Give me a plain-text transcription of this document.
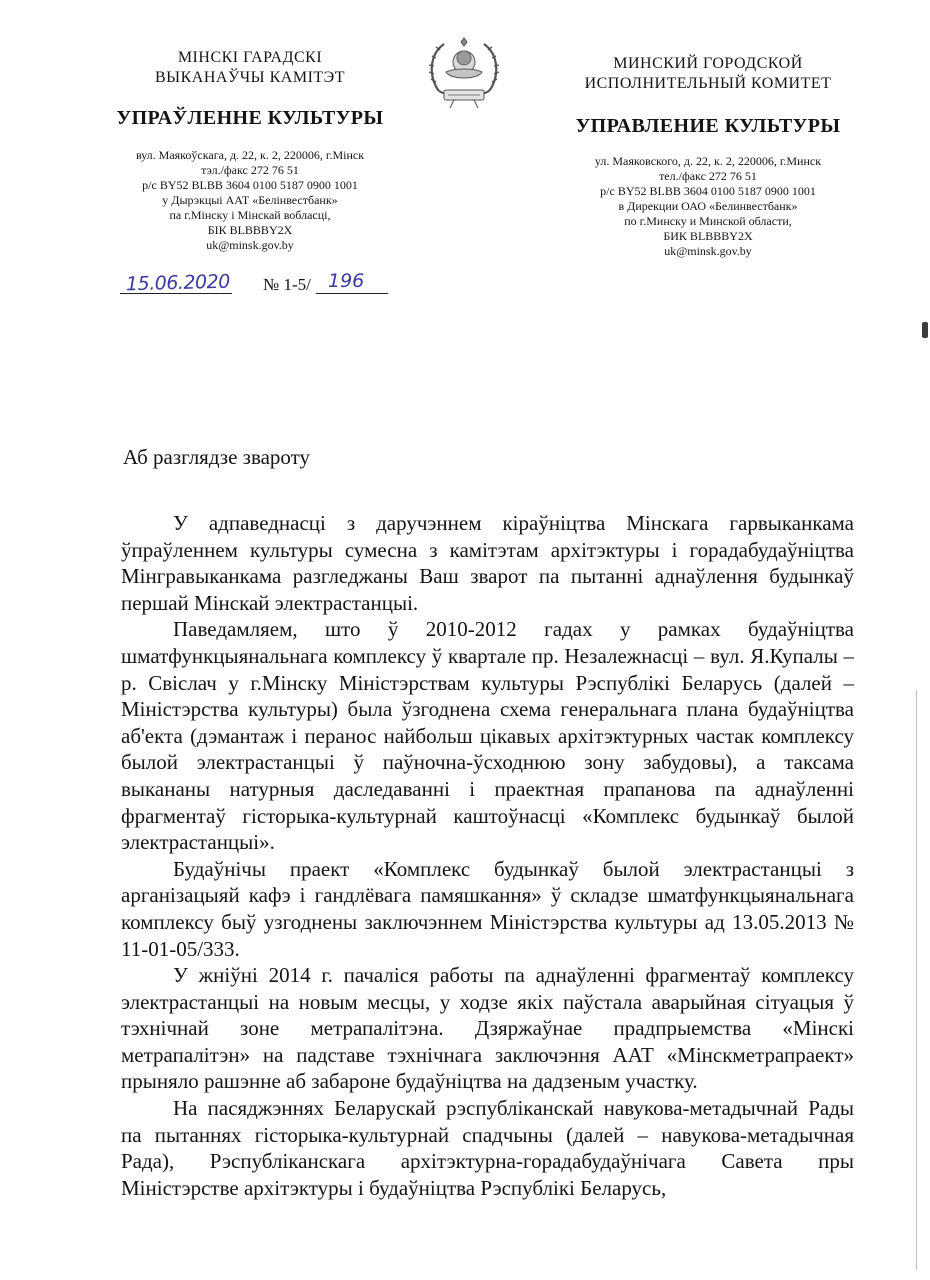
МІНСКІ ГАРАДСКІ
ВЫКАНАЎЧЫ КАМІТЭТ
УПРАЎЛЕННЕ КУЛЬТУРЫ
вул. Маякоўскага, д. 22, к. 2, 220006, г.Мінск
тэл./факс 272 76 51
р/с BY52 BLBB 3604 0100 5187 0900 1001
у Дырэкцыі ААТ «Белінвестбанк»
па г.Мінску і Мінскай вобласці,
БІК BLBBBY2X
uk@minsk.gov.by
МИНСКИЙ ГОРОДСКОЙ
ИСПОЛНИТЕЛЬНЫЙ КОМИТЕТ
УПРАВЛЕНИЕ КУЛЬТУРЫ
ул. Маяковского, д. 22, к. 2, 220006, г.Минск
тел./факс 272 76 51
р/с BY52 BLBB 3604 0100 5187 0900 1001
в Дирекции ОАО «Белинвестбанк»
по г.Минску и Минской области,
БИК BLBBBY2X
uk@minsk.gov.by
15.06.2020 № 1-5/ 196
Аб разглядзе звароту

У адпаведнасці з даручэннем кіраўніцтва Мінскага гарвыканкама ўпраўленнем культуры сумесна з камітэтам архітэктуры і горадабудаўніцтва Мінгравыканкама разгледжаны Ваш зварот па пытанні аднаўлення будынкаў першай Мінскай электрастанцыі.

Паведамляем, што ў 2010-2012 гадах у рамках будаўніцтва шматфункцыянальнага комплексу ў квартале пр. Незалежнасці – вул. Я.Купалы – р. Свіслач у г.Мінску Міністэрствам культуры Рэспублікі Беларусь (далей – Міністэрства культуры) была ўзгоднена схема генеральнага плана будаўніцтва аб'екта (дэмантаж і перанос найбольш цікавых архітэктурных частак комплексу былой электрастанцыі ў паўночна-ўсходнюю зону забудовы), а таксама выкананы натурныя даследаванні і праектная прапанова па аднаўленні фрагментаў гісторыка-культурнай каштоўнасці «Комплекс будынкаў былой электрастанцыі».

Будаўнічы праект «Комплекс будынкаў былой электрастанцыі з арганізацыяй кафэ і гандлёвага памяшкання» ў складзе шматфункцыянальнага комплексу быў узгоднены заключэннем Міністэрства культуры ад 13.05.2013 № 11-01-05/333.

У жніўні 2014 г. пачаліся работы па аднаўленні фрагментаў комплексу электрастанцыі на новым месцы, у ходзе якіх паўстала аварыйная сітуацыя ў тэхнічнай зоне метрапалітэна. Дзяржаўнае прадпрыемства «Мінскі метрапалітэн» на падставе тэхнічнага заключэння ААТ «Мінскметрапраект» прыняло рашэнне аб забароне будаўніцтва на дадзеным участку.

На пасяджэннях Беларускай рэспубліканскай навукова-метадычнай Рады па пытаннях гісторыка-культурнай спадчыны (далей – навукова-метадычная Рада), Рэспубліканскага архітэктурна-горадабудаўнічага Савета пры Міністэрстве архітэктуры і будаўніцтва Рэспублікі Беларусь,
